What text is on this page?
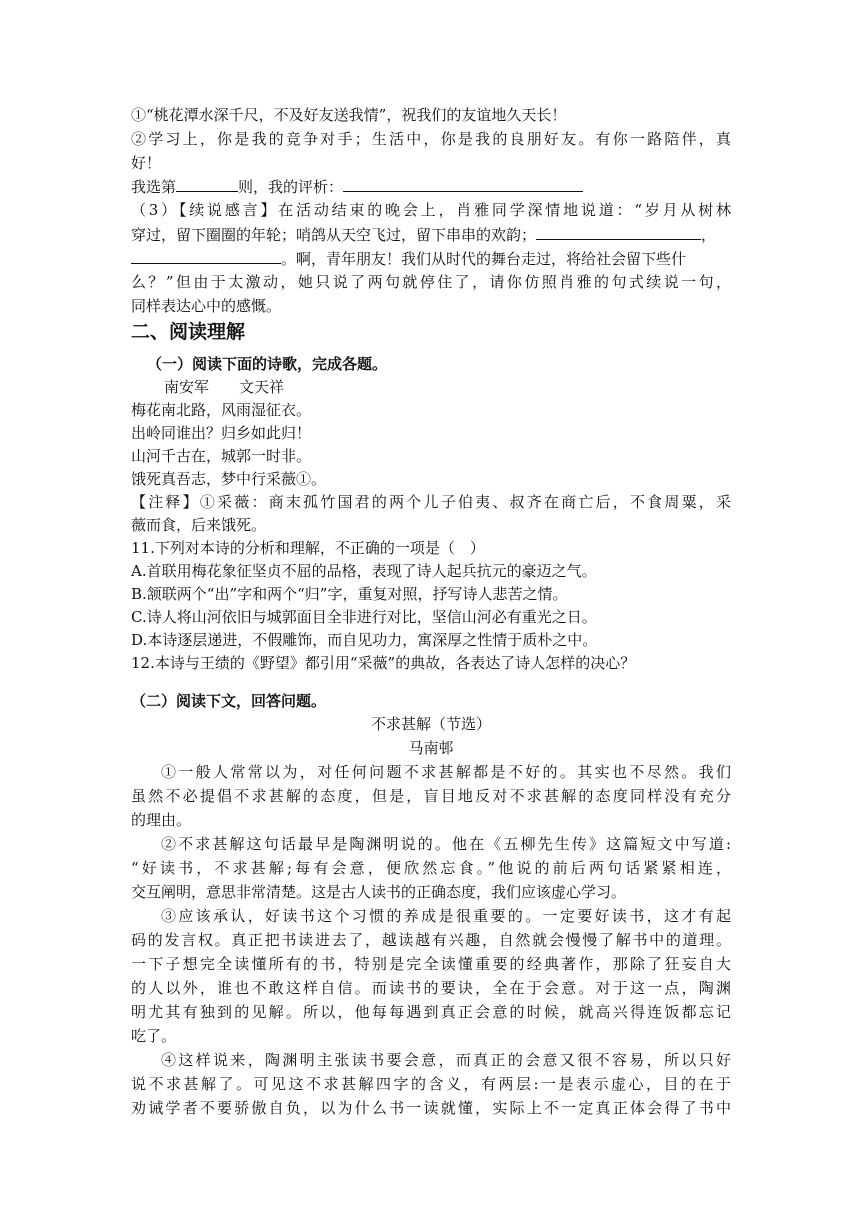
①“桃花潭水深千尺，不及好友送我情”，祝我们的友谊地久天长！
②学习上，你是我的竞争对手；生活中，你是我的良朋好友。有你一路陪伴，真
好！
我选第	则，我的评析：
（3）【续说感言】在活动结束的晚会上，肖雅同学深情地说道：“岁月从树林
穿过，留下圈圈的年轮；哨鸽从天空飞过，留下串串的欢韵；	，
。啊，青年朋友！我们从时代的舞台走过，将给社会留下些什
么？”但由于太激动，她只说了两句就停住了，请你仿照肖雅的句式续说一句，
同样表达心中的感慨。
二、阅读理解
（一）阅读下面的诗歌，完成各题。
南安军　　文天祥
梅花南北路，风雨湿征衣。
出岭同谁出？归乡如此归！
山河千古在，城郭一时非。
饿死真吾志，梦中行采薇①。
【注释】①采薇：商末孤竹国君的两个儿子伯夷、叔齐在商亡后，不食周粟，采
薇而食，后来饿死。
11.下列对本诗的分析和理解，不正确的一项是（　）
A.首联用梅花象征坚贞不屈的品格，表现了诗人起兵抗元的豪迈之气。
B.颔联两个“出”字和两个“归”字，重复对照，抒写诗人悲苦之情。
C.诗人将山河依旧与城郭面目全非进行对比，坚信山河必有重光之日。
D.本诗逐层递进，不假雕饰，而自见功力，寓深厚之性情于质朴之中。
12.本诗与王绩的《野望》都引用“采薇”的典故，各表达了诗人怎样的决心？
（二）阅读下文，回答问题。
不求甚解（节选）
马南邨
①一般人常常以为，对任何问题不求甚解都是不好的。其实也不尽然。我们
虽然不必提倡不求甚解的态度，但是，盲目地反对不求甚解的态度同样没有充分
的理由。
②不求甚解这句话最早是陶渊明说的。他在《五柳先生传》这篇短文中写道:
“好读书，不求甚解;每有会意，便欣然忘食。”他说的前后两句话紧紧相连，
交互阐明，意思非常清楚。这是古人读书的正确态度，我们应该虚心学习。
③应该承认，好读书这个习惯的养成是很重要的。一定要好读书，这才有起
码的发言权。真正把书读进去了，越读越有兴趣，自然就会慢慢了解书中的道理。
一下子想完全读懂所有的书，特别是完全读懂重要的经典著作，那除了狂妄自大
的人以外，谁也不敢这样自信。而读书的要诀，全在于会意。对于这一点，陶渊
明尤其有独到的见解。所以，他每每遇到真正会意的时候，就高兴得连饭都忘记
吃了。
④这样说来，陶渊明主张读书要会意，而真正的会意又很不容易，所以只好
说不求甚解了。可见这不求甚解四字的含义，有两层:一是表示虚心，目的在于
劝诫学者不要骄傲自负，以为什么书一读就懂，实际上不一定真正体会得了书中
